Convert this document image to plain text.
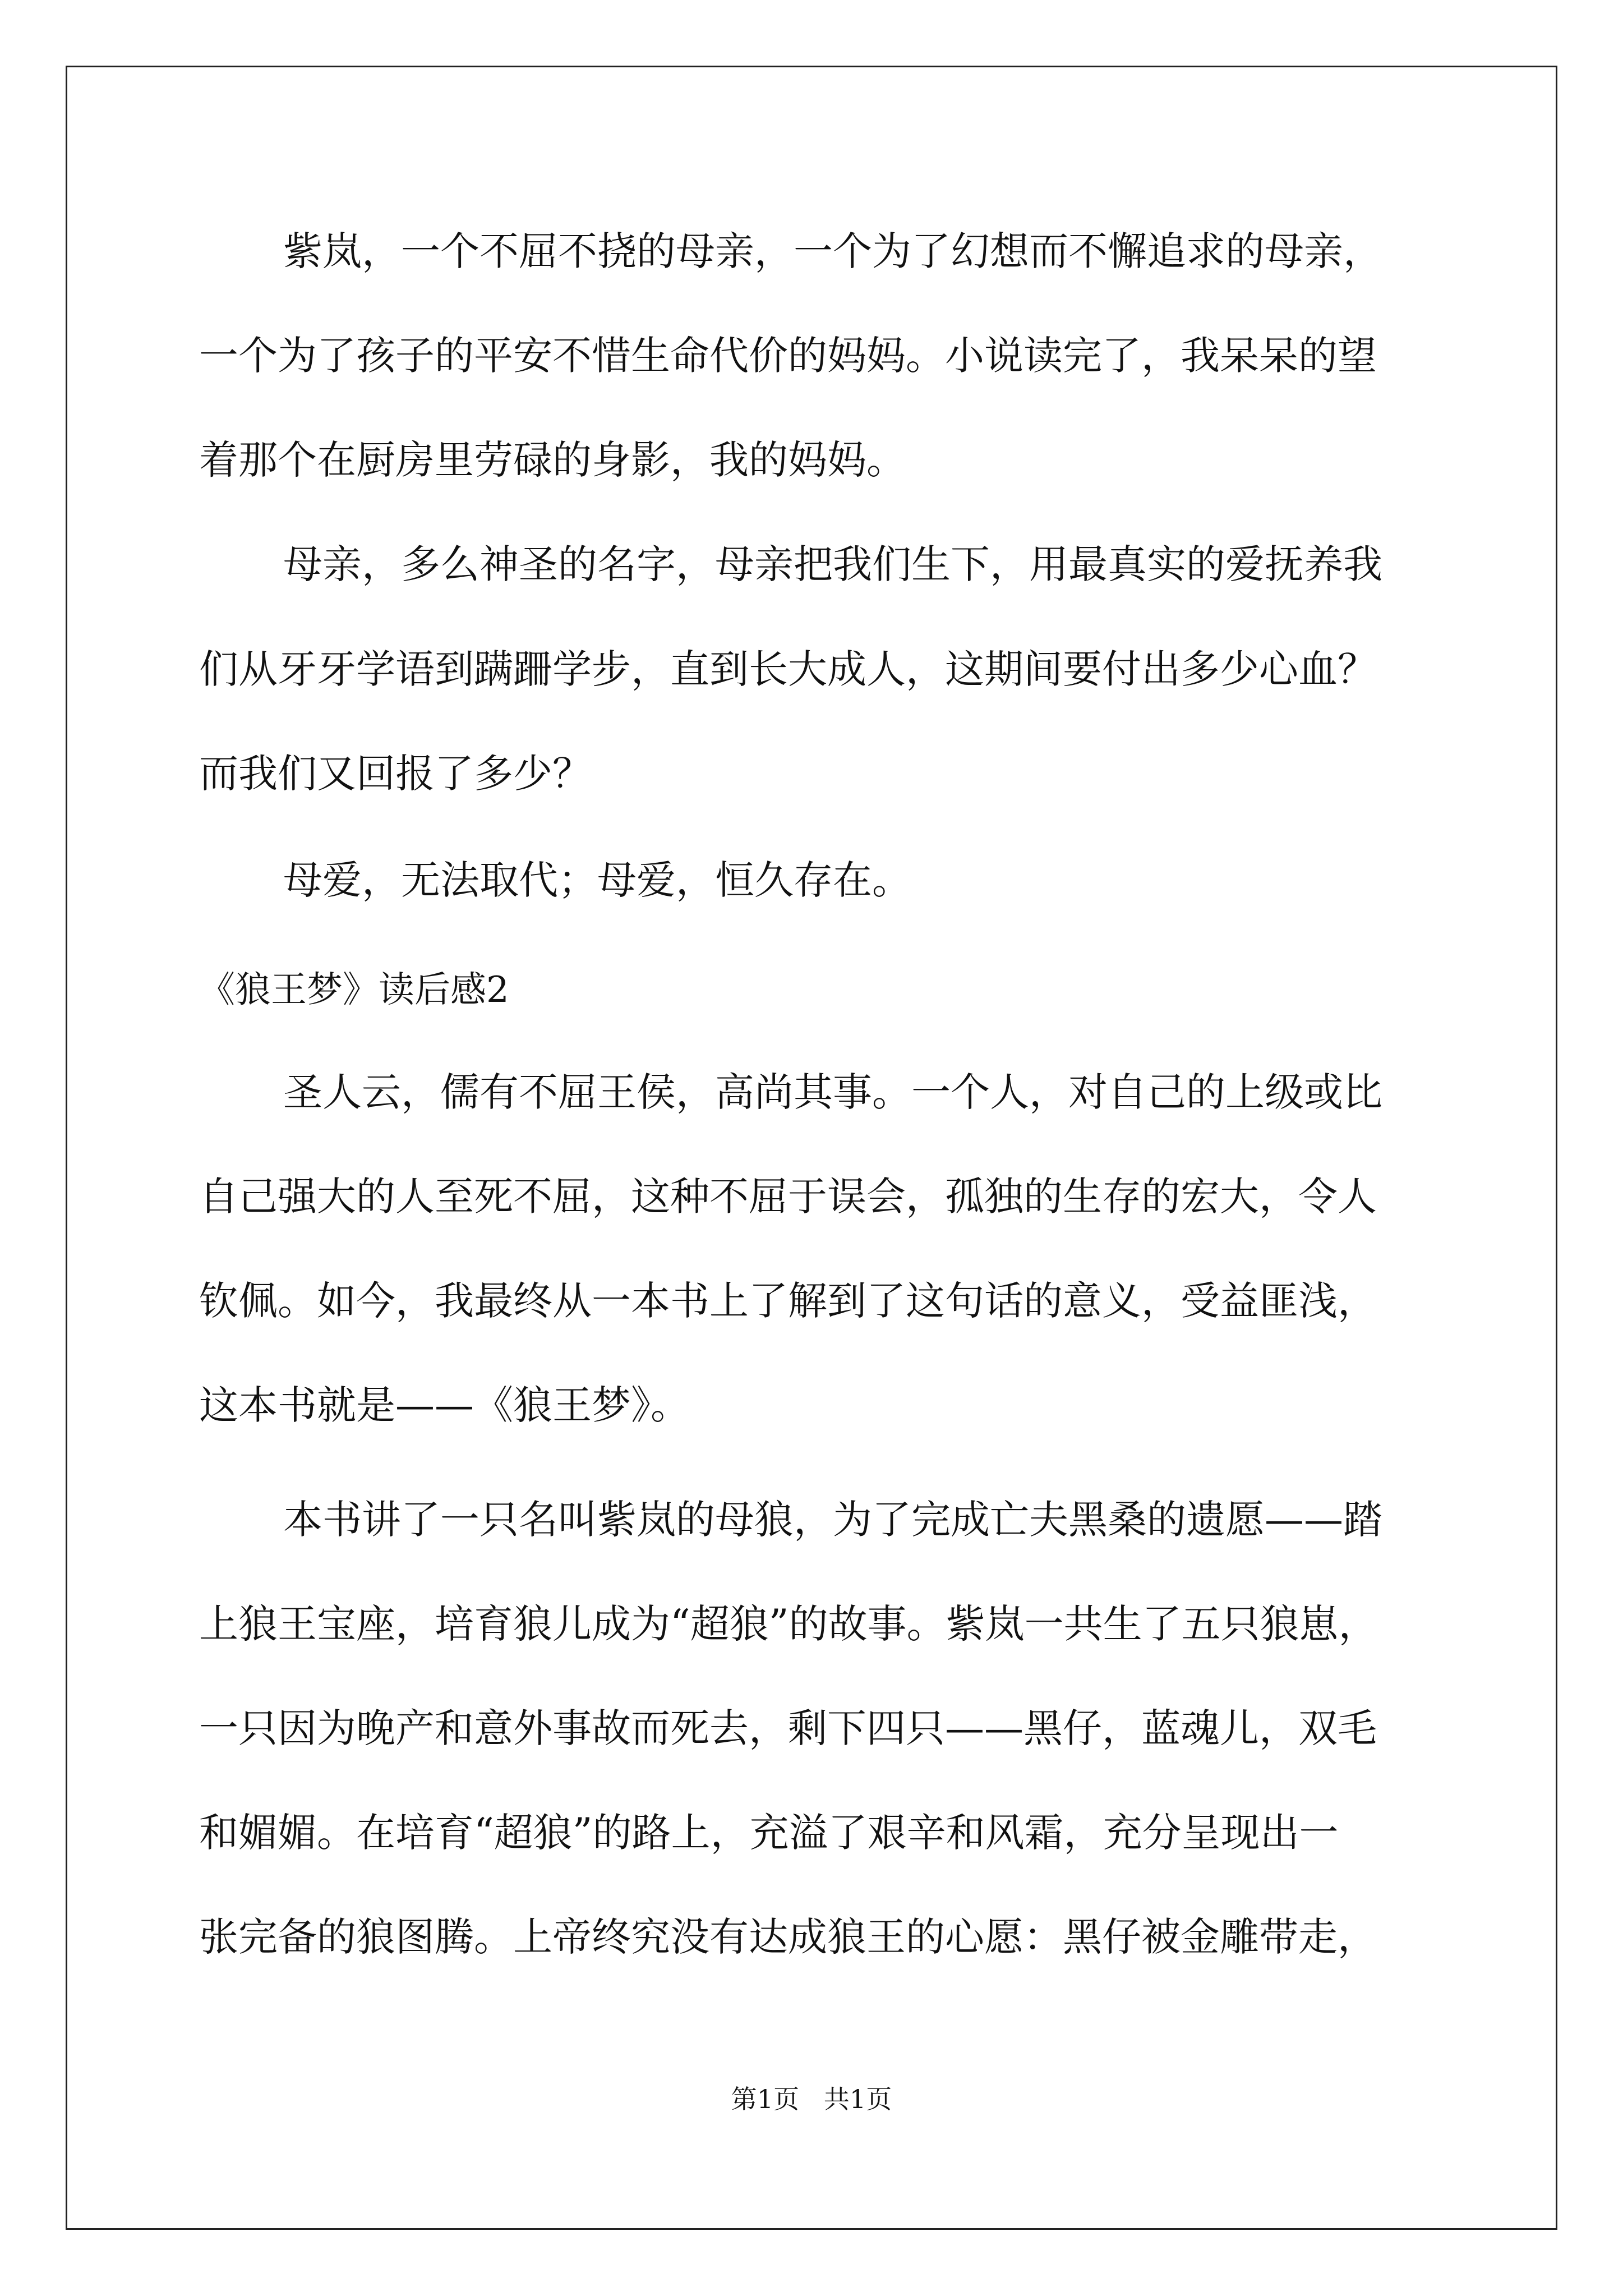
紫岚，一个不屈不挠的母亲，一个为了幻想而不懈追求的母亲，

一个为了孩子的平安不惜生命代价的妈妈。小说读完了，我呆呆的望

着那个在厨房里劳碌的身影，我的妈妈。

母亲，多么神圣的名字，母亲把我们生下，用最真实的爱抚养我

们从牙牙学语到蹒跚学步，直到长大成人，这期间要付出多少心血？

而我们又回报了多少？

母爱，无法取代；母爱，恒久存在。

《狼王梦》读后感2

圣人云，儒有不屈王侯，高尚其事。一个人，对自己的上级或比

自己强大的人至死不屈，这种不屈于误会，孤独的生存的宏大，令人

钦佩。如今，我最终从一本书上了解到了这句话的意义，受益匪浅，

这本书就是——《狼王梦》。

本书讲了一只名叫紫岚的母狼，为了完成亡夫黑桑的遗愿——踏

上狼王宝座，培育狼儿成为“超狼”的故事。紫岚一共生了五只狼崽，

一只因为晚产和意外事故而死去，剩下四只——黑仔，蓝魂儿，双毛

和媚媚。在培育“超狼”的路上，充溢了艰辛和风霜，充分呈现出一

张完备的狼图腾。上帝终究没有达成狼王的心愿：黑仔被金雕带走，

第1页   共1页
